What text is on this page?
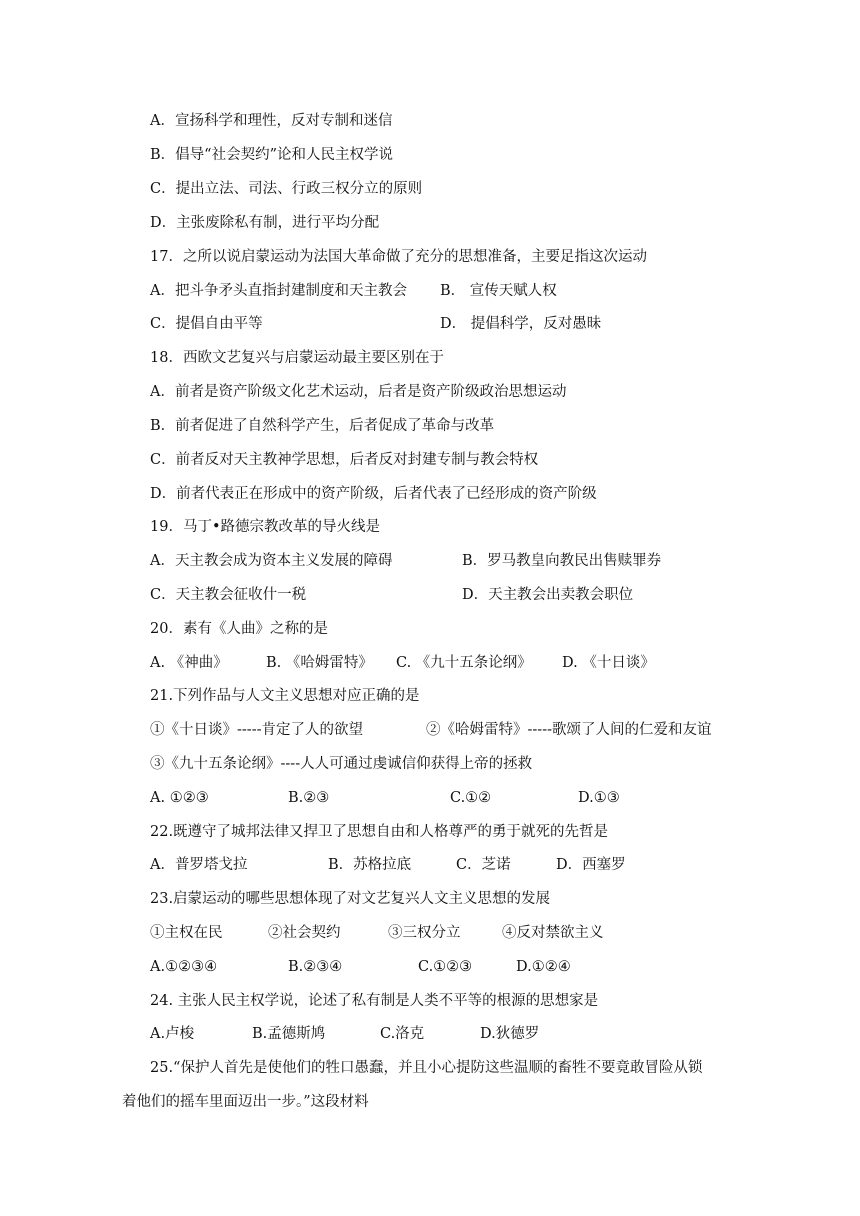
A．宣扬科学和理性，反对专制和迷信
B．倡导“社会契约”论和人民主权学说
C．提出立法、司法、行政三权分立的原则
D．主张废除私有制，进行平均分配
17．之所以说启蒙运动为法国大革命做了充分的思想准备，主要足指这次运动
A．把斗争矛头直指封建制度和天主教会 B． 宣传天赋人权
C．提倡自由平等	D． 提倡科学，反对愚昧
18．西欧文艺复兴与启蒙运动最主要区别在于
A．前者是资产阶级文化艺术运动，后者是资产阶级政治思想运动
B．前者促进了自然科学产生，后者促成了革命与改革
C．前者反对天主教神学思想，后者反对封建专制与教会特权
D．前者代表正在形成中的资产阶级，后者代表了已经形成的资产阶级
19．马丁•路德宗教改革的导火线是
A．天主教会成为资本主义发展的障碍	B．罗马教皇向教民出售赎罪券
C．天主教会征收什一税	D．天主教会出卖教会职位
20．素有《人曲》之称的是
A. 《神曲》	B. 《哈姆雷特》 C. 《九十五条论纲》 D. 《十日谈》
21.下列作品与人文主义思想对应正确的是
①《十日谈》-----肯定了人的欲望	②《哈姆雷特》-----歌颂了人间的仁爱和友谊
③《九十五条论纲》----人人可通过虔诚信仰获得上帝的拯救
A. ①②③	B.②③	C.①②	D.①③
22.既遵守了城邦法律又捍卫了思想自由和人格尊严的勇于就死的先哲是
A．普罗塔戈拉	B．苏格拉底	C．芝诺	D．西塞罗
23.启蒙运动的哪些思想体现了对文艺复兴人文主义思想的发展
①主权在民	②社会契约	③三权分立	④反对禁欲主义
A.①②③④	B.②③④	C.①②③	D.①②④
24. 主张人民主权学说，论述了私有制是人类不平等的根源的思想家是
A.卢梭	B.孟德斯鸠	C.洛克	D.狄德罗
25.“保护人首先是使他们的牲口愚蠢，并且小心提防这些温顺的畜牲不要竟敢冒险从锁
着他们的摇车里面迈出一步。”这段材料
